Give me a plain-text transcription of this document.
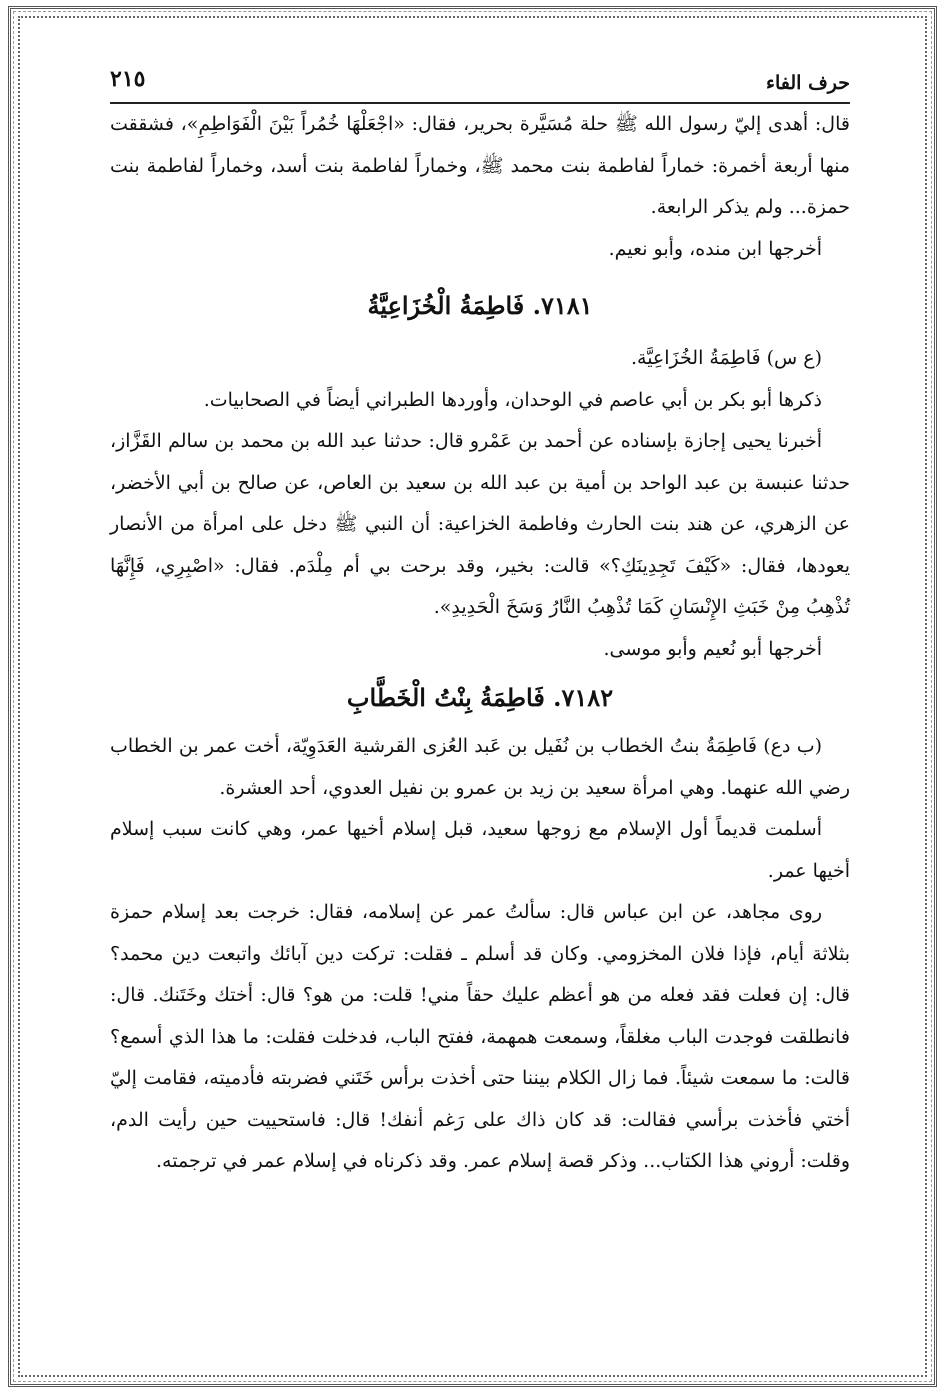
حرف الفاء
٢١٥

قال: أهدى إليّ رسول الله ﷺ حلة مُسَيَّرة بحرير، فقال: «اجْعَلْهَا خُمُراً بَيْنَ الْفَوَاطِمِ»، فشققت منها أربعة أخمرة: خماراً لفاطمة بنت محمد ﷺ، وخماراً لفاطمة بنت أسد، وخماراً لفاطمة بنت حمزة... ولم يذكر الرابعة.

أخرجها ابن منده، وأبو نعيم.

٧١٨١. فَاطِمَةُ الْخُزَاعِيَّةُ

(ع س) فَاطِمَةُ الخُزَاعِيَّة.

ذكرها أبو بكر بن أبي عاصم في الوحدان، وأوردها الطبراني أيضاً في الصحابيات.

أخبرنا يحيى إجازة بإسناده عن أحمد بن عَمْرو قال: حدثنا عبد الله بن محمد بن سالم القَزَّاز، حدثنا عنبسة بن عبد الواحد بن أمية بن عبد الله بن سعيد بن العاص، عن صالح بن أبي الأخضر، عن الزهري، عن هند بنت الحارث وفاطمة الخزاعية: أن النبي ﷺ دخل على امرأة من الأنصار يعودها، فقال: «كَيْفَ تَجِدِينَكِ؟» قالت: بخير، وقد برحت بي أم مِلْدَم. فقال: «اصْبِرِي، فَإِنَّهَا تُذْهِبُ مِنْ خَبَثِ الإِنْسَانِ كَمَا تُذْهِبُ النَّارُ وَسَخَ الْحَدِيدِ».

أخرجها أبو نُعيم وأبو موسى.

٧١٨٢. فَاطِمَةُ بِنْتُ الْخَطَّابِ

(ب دع) فَاطِمَةُ بنتُ الخطاب بن نُفَيل بن عَبد العُزى القرشية العَدَوِيّة، أخت عمر بن الخطاب رضي الله عنهما. وهي امرأة سعيد بن زيد بن عمرو بن نفيل العدوي، أحد العشرة.

أسلمت قديماً أول الإسلام مع زوجها سعيد، قبل إسلام أخيها عمر، وهي كانت سبب إسلام أخيها عمر.

روى مجاهد، عن ابن عباس قال: سألتُ عمر عن إسلامه، فقال: خرجت بعد إسلام حمزة بثلاثة أيام، فإذا فلان المخزومي. وكان قد أسلم ـ فقلت: تركت دين آبائك واتبعت دين محمد؟ قال: إن فعلت فقد فعله من هو أعظم عليك حقاً مني! قلت: من هو؟ قال: أختك وخَتَنك. قال: فانطلقت فوجدت الباب مغلقاً، وسمعت همهمة، ففتح الباب، فدخلت فقلت: ما هذا الذي أسمع؟ قالت: ما سمعت شيئاً. فما زال الكلام بيننا حتى أخذت برأس خَتَني فضربته فأدميته، فقامت إليّ أختي فأخذت برأسي فقالت: قد كان ذاك على رَغم أنفك! قال: فاستحييت حين رأيت الدم، وقلت: أروني هذا الكتاب... وذكر قصة إسلام عمر. وقد ذكرناه في إسلام عمر في ترجمته.
